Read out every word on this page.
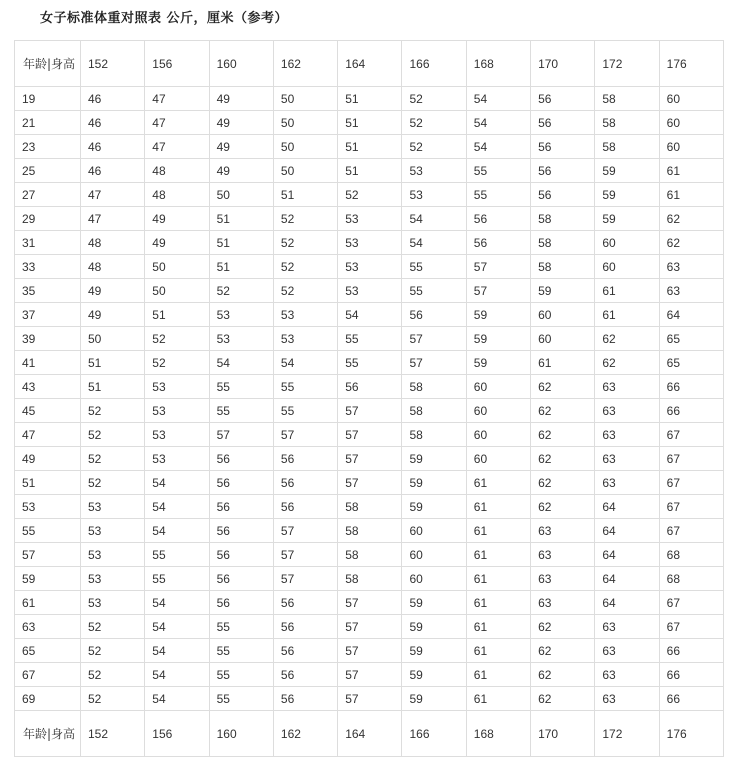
女子标准体重对照表 公斤，厘米（参考）
年龄|身高	152	156	160	162	164	166	168	170	172	176
19	46	47	49	50	51	52	54	56	58	60
21	46	47	49	50	51	52	54	56	58	60
23	46	47	49	50	51	52	54	56	58	60
25	46	48	49	50	51	53	55	56	59	61
27	47	48	50	51	52	53	55	56	59	61
29	47	49	51	52	53	54	56	58	59	62
31	48	49	51	52	53	54	56	58	60	62
33	48	50	51	52	53	55	57	58	60	63
35	49	50	52	52	53	55	57	59	61	63
37	49	51	53	53	54	56	59	60	61	64
39	50	52	53	53	55	57	59	60	62	65
41	51	52	54	54	55	57	59	61	62	65
43	51	53	55	55	56	58	60	62	63	66
45	52	53	55	55	57	58	60	62	63	66
47	52	53	57	57	57	58	60	62	63	67
49	52	53	56	56	57	59	60	62	63	67
51	52	54	56	56	57	59	61	62	63	67
53	53	54	56	56	58	59	61	62	64	67
55	53	54	56	57	58	60	61	63	64	67
57	53	55	56	57	58	60	61	63	64	68
59	53	55	56	57	58	60	61	63	64	68
61	53	54	56	56	57	59	61	63	64	67
63	52	54	55	56	57	59	61	62	63	67
65	52	54	55	56	57	59	61	62	63	66
67	52	54	55	56	57	59	61	62	63	66
69	52	54	55	56	57	59	61	62	63	66
年龄|身高	152	156	160	162	164	166	168	170	172	176
